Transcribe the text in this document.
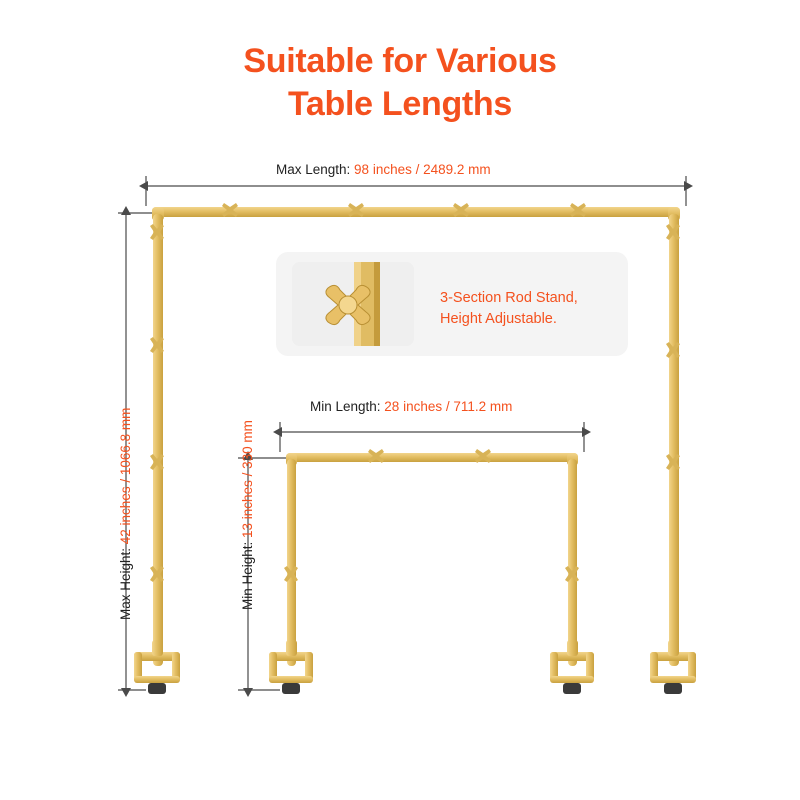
Suitable for Various
Table Lengths
3-Section Rod Stand,
Height Adjustable.
Max Length: 98 inches / 2489.2 mm
Max Height: 42 inches / 1066.8 mm
Min Length: 28 inches / 711.2 mm
Min Height: 13 inches / 330 mm
